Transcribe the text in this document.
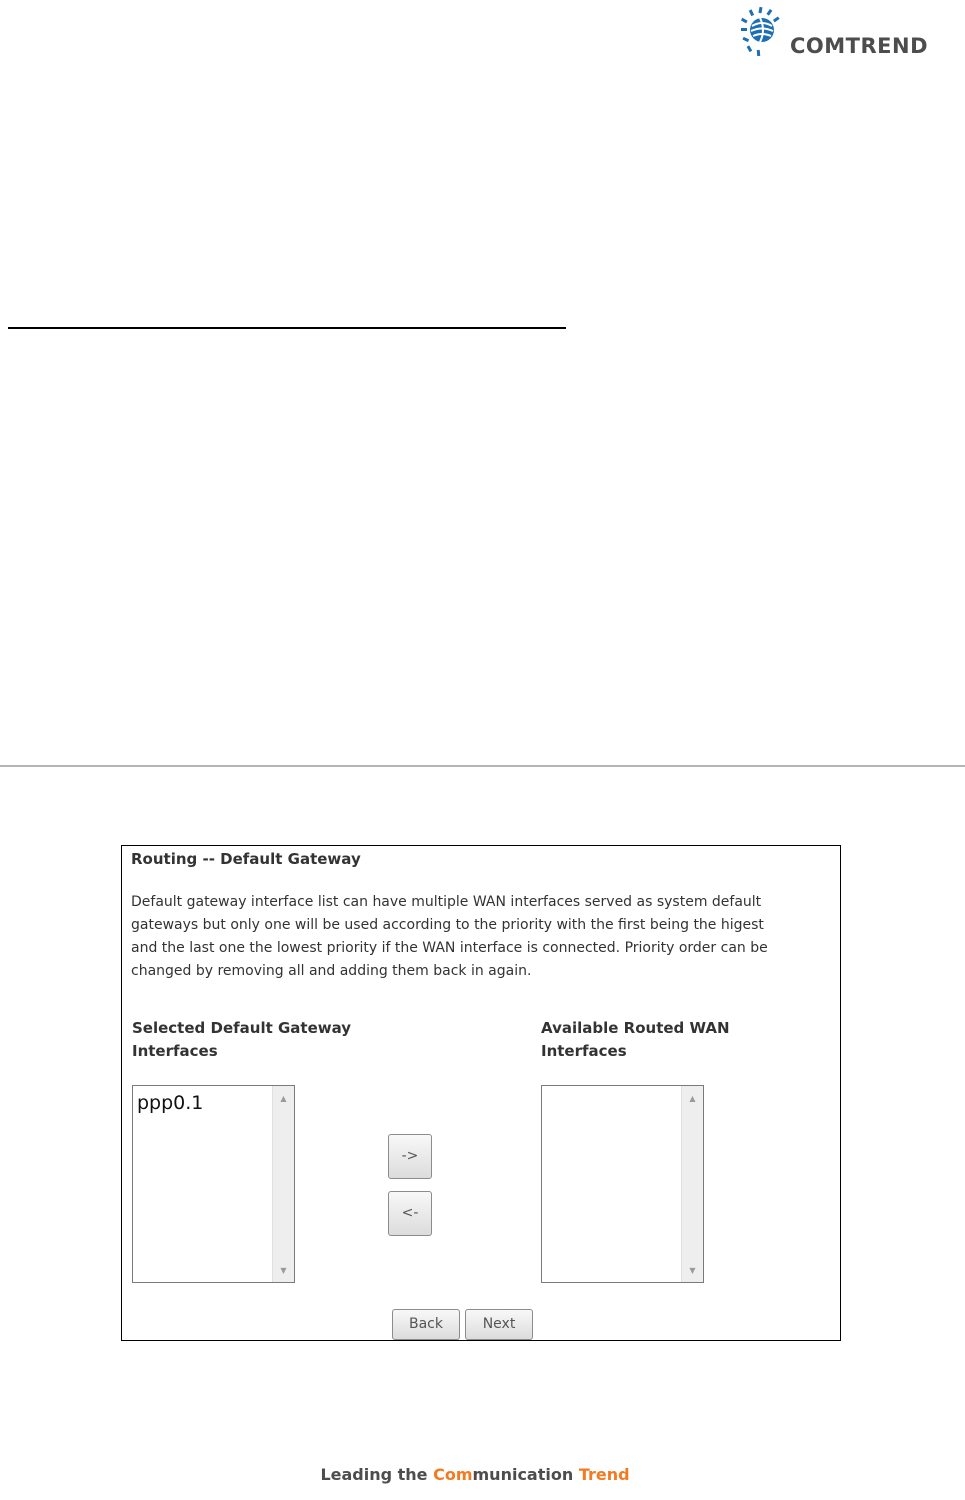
COMTREND
Routing -- Default Gateway
Default gateway interface list can have multiple WAN interfaces served as system default gateways but only one will be used according to the priority with the first being the higest and the last one the lowest priority if the WAN interface is connected. Priority order can be changed by removing all and adding them back in again.
Selected Default Gateway Interfaces
Available Routed WAN Interfaces
ppp0.1	▲
▼
->
<-
▲
▼
Back	Next
Leading the Communication Trend
